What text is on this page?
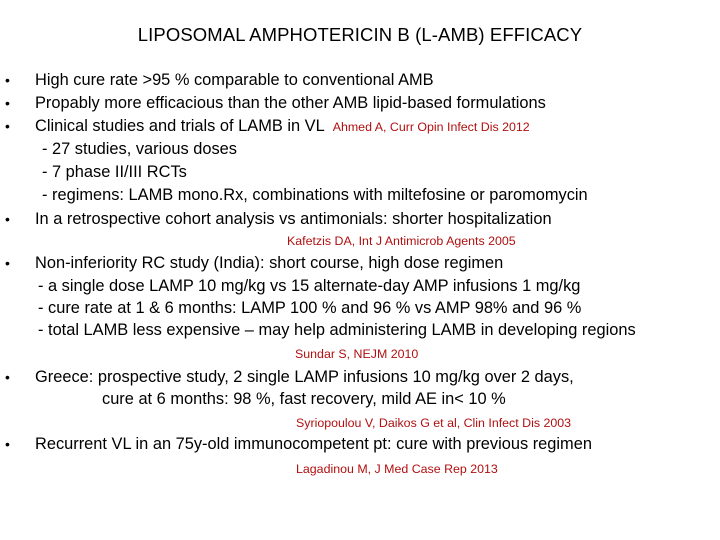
LIPOSOMAL AMPHOTERICIN B (L-AMB) EFFICACY
• High cure rate >95 % comparable to conventional AMB
• Propably more efficacious than the other AMB lipid-based formulations
• Clinical studies and trials of LAMB in VL Ahmed A, Curr Opin Infect Dis 2012
- 27 studies, various doses
- 7 phase II/III RCTs
- regimens: LAMB mono.Rx, combinations with miltefosine or paromomycin
• In a retrospective cohort analysis vs antimonials: shorter hospitalization
Kafetzis DA, Int J Antimicrob Agents 2005
• Non-inferiority RC study (India): short course, high dose regimen
- a single dose LAMP 10 mg/kg vs 15 alternate-day AMP infusions 1 mg/kg
- cure rate at 1 & 6 months: LAMP 100 % and 96 % vs AMP 98% and 96 %
- total LAMB less expensive – may help administering LAMB in developing regions
Sundar S, NEJM 2010
• Greece: prospective study, 2 single LAMP infusions 10 mg/kg over 2 days,
cure at 6 months: 98 %, fast recovery, mild AE in< 10 %
Syriopoulou V, Daikos G et al, Clin Infect Dis 2003
• Recurrent VL in an 75y-old immunocompetent pt: cure with previous regimen
Lagadinou M, J Med Case Rep 2013
